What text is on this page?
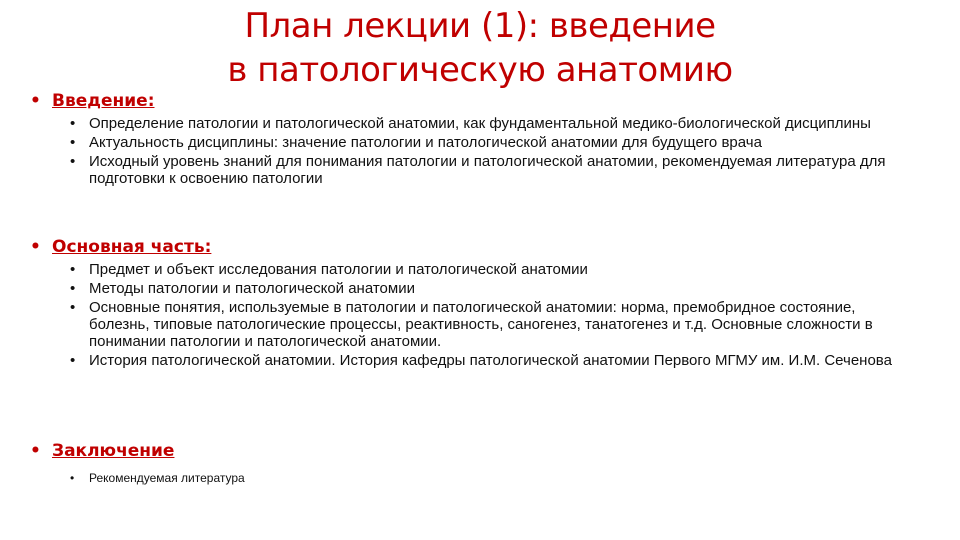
План лекции (1): введение
в патологическую анатомию
• Введение:
• Определение патологии и патологической анатомии, как фундаментальной медико-биологической дисциплины
• Актуальность дисциплины: значение патологии и патологической анатомии для будущего врача
• Исходный уровень знаний для понимания патологии и патологической анатомии, рекомендуемая литература для подготовки к освоению патологии
• Основная часть:
• Предмет и объект исследования патологии и патологической анатомии
• Методы патологии и патологической анатомии
• Основные понятия, используемые в патологии и патологической анатомии: норма, премобридное состояние, болезнь, типовые патологические процессы, реактивность, саногенез, танатогенез и т.д. Основные сложности в понимании патологии и патологической анатомии.
• История патологической анатомии. История кафедры патологической анатомии Первого МГМУ им. И.М. Сеченова
• Заключение
•	Рекомендуемая литература
